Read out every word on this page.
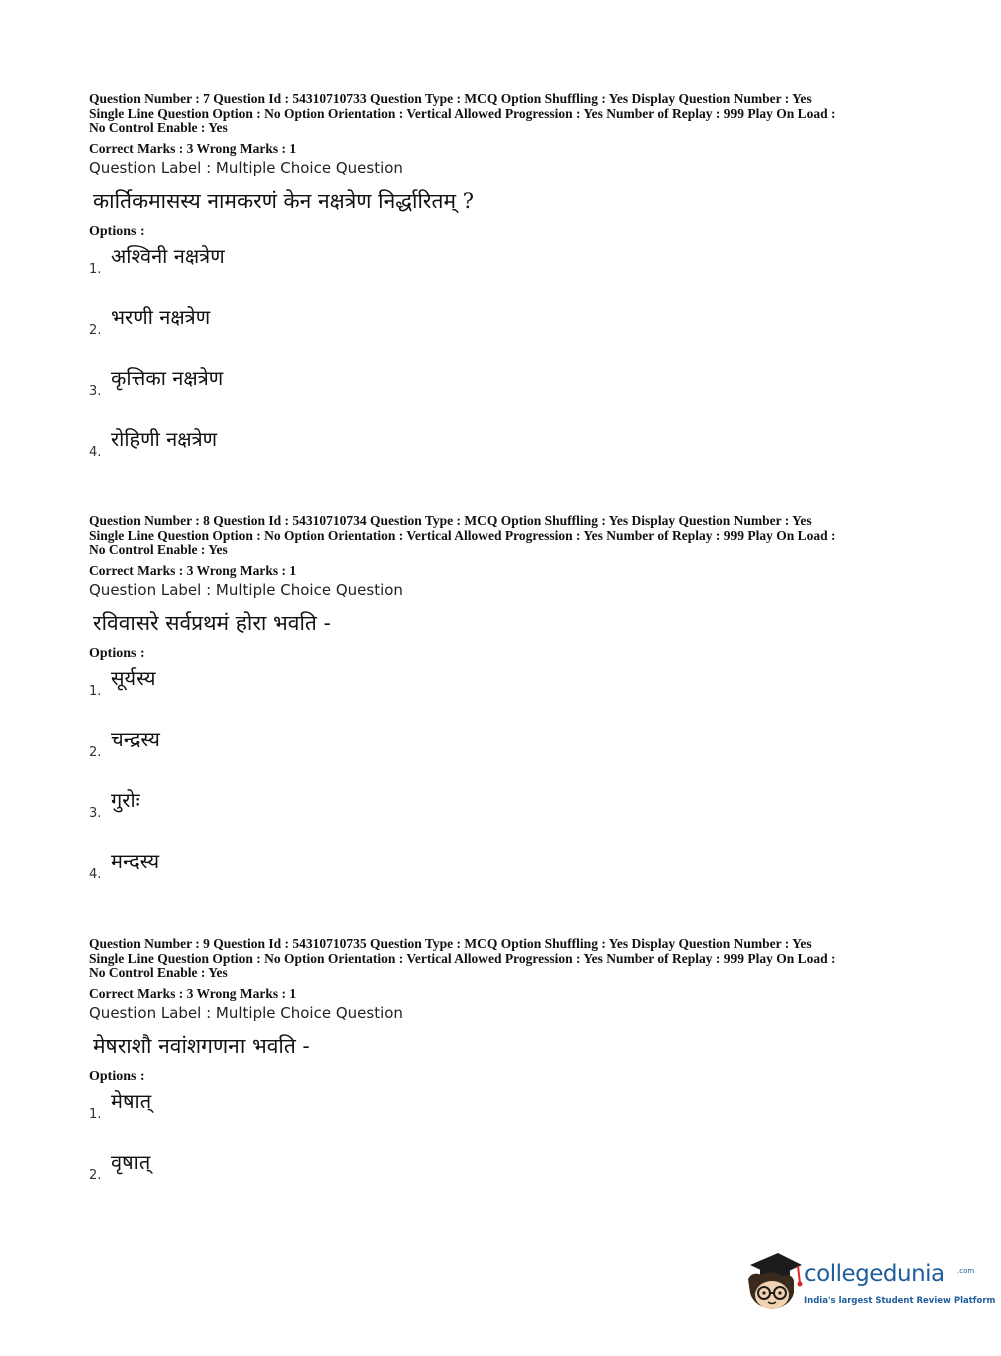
Question Number : 7 Question Id : 54310710733 Question Type : MCQ Option Shuffling : Yes Display Question Number : Yes
Single Line Question Option : No Option Orientation : Vertical Allowed Progression : Yes Number of Replay : 999 Play On Load :
No Control Enable : Yes

Correct Marks : 3 Wrong Marks : 1

Question Label : Multiple Choice Question

कार्तिकमासस्य नामकरणं केन नक्षत्रेण निर्द्धारितम् ?

Options :

1.
अश्विनी नक्षत्रेण
2.
भरणी नक्षत्रेण
3.
कृत्तिका नक्षत्रेण
4.
रोहिणी नक्षत्रेण

Question Number : 8 Question Id : 54310710734 Question Type : MCQ Option Shuffling : Yes Display Question Number : Yes
Single Line Question Option : No Option Orientation : Vertical Allowed Progression : Yes Number of Replay : 999 Play On Load :
No Control Enable : Yes

Correct Marks : 3 Wrong Marks : 1

Question Label : Multiple Choice Question

रविवासरे सर्वप्रथमं होरा भवति -

Options :

1.
सूर्यस्य
2.
चन्द्रस्य
3.
गुरोः
4.
मन्दस्य

Question Number : 9 Question Id : 54310710735 Question Type : MCQ Option Shuffling : Yes Display Question Number : Yes
Single Line Question Option : No Option Orientation : Vertical Allowed Progression : Yes Number of Replay : 999 Play On Load :
No Control Enable : Yes

Correct Marks : 3 Wrong Marks : 1

Question Label : Multiple Choice Question

मेषराशौ नवांशगणना भवति -

Options :

1.
मेषात्
2.
वृषात्
collegedunia .com
India's largest Student Review Platform
